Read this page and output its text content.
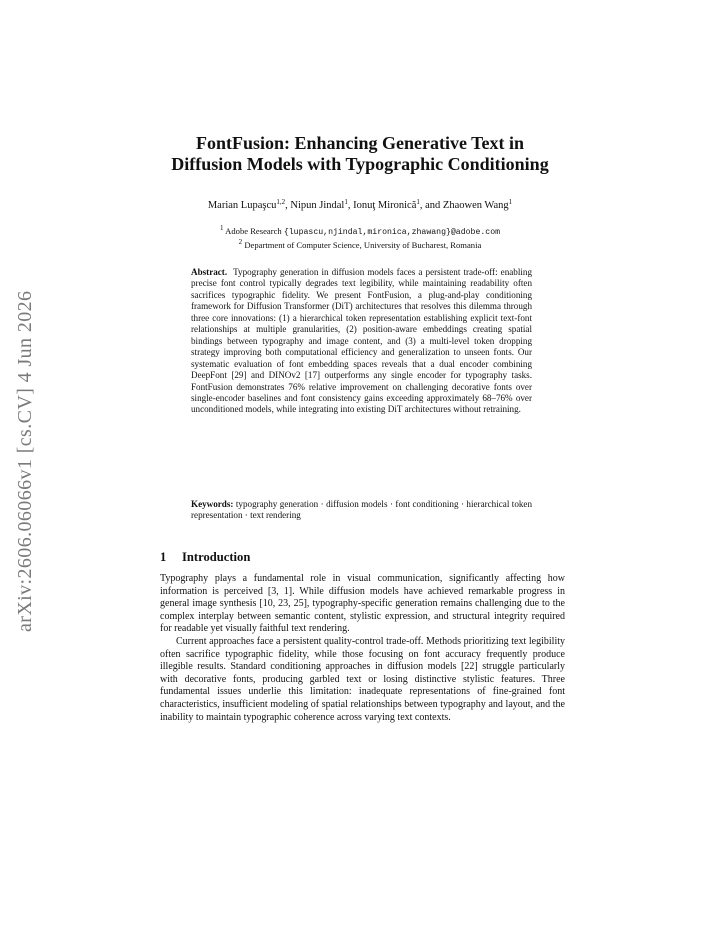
arXiv:2606.06066v1 [cs.CV] 4 Jun 2026
FontFusion: Enhancing Generative Text in
Diffusion Models with Typographic Conditioning
Marian Lupaşcu$^{1,2}$, Nipun Jindal$^1$, Ionuţ Mironică$^1$, and Zhaowen Wang$^1$
$^1$ Adobe Research {lupascu,njindal,mironica,zhawang}@adobe.com
$^2$ Department of Computer Science, University of Bucharest, Romania
Abstract. Typography generation in diffusion models faces a persistent trade-off: enabling precise font control typically degrades text legibility, while maintaining readability often sacrifices typographic fidelity. We present FontFusion, a plug-and-play conditioning framework for Diffusion Transformer (DiT) architectures that resolves this dilemma through three core innovations: (1) a hierarchical token representation establishing explicit text-font relationships at multiple granularities, (2) position-aware embeddings creating spatial bindings between typography and image content, and (3) a multi-level token dropping strategy improving both computational efficiency and generalization to unseen fonts. Our systematic evaluation of font embedding spaces reveals that a dual encoder combining DeepFont [29] and DINOv2 [17] outperforms any single encoder for typography tasks. FontFusion demonstrates 76% relative improvement on challenging decorative fonts over single-encoder baselines and font consistency gains exceeding approximately 68–76% over unconditioned models, while integrating into existing DiT architectures without retraining.
Keywords: typography generation · diffusion models · font conditioning · hierarchical token representation · text rendering
1 Introduction

Typography plays a fundamental role in visual communication, significantly affecting how information is perceived [3, 1]. While diffusion models have achieved remarkable progress in general image synthesis [10, 23, 25], typography-specific generation remains challenging due to the complex interplay between semantic content, stylistic expression, and structural integrity required for readable yet visually faithful text rendering.

Current approaches face a persistent quality-control trade-off. Methods prioritizing text legibility often sacrifice typographic fidelity, while those focusing on font accuracy frequently produce illegible results. Standard conditioning approaches in diffusion models [22] struggle particularly with decorative fonts, producing garbled text or losing distinctive stylistic features. Three fundamental issues underlie this limitation: inadequate representations of fine-grained font characteristics, insufficient modeling of spatial relationships between typography and layout, and the inability to maintain typographic coherence across varying text contexts.
